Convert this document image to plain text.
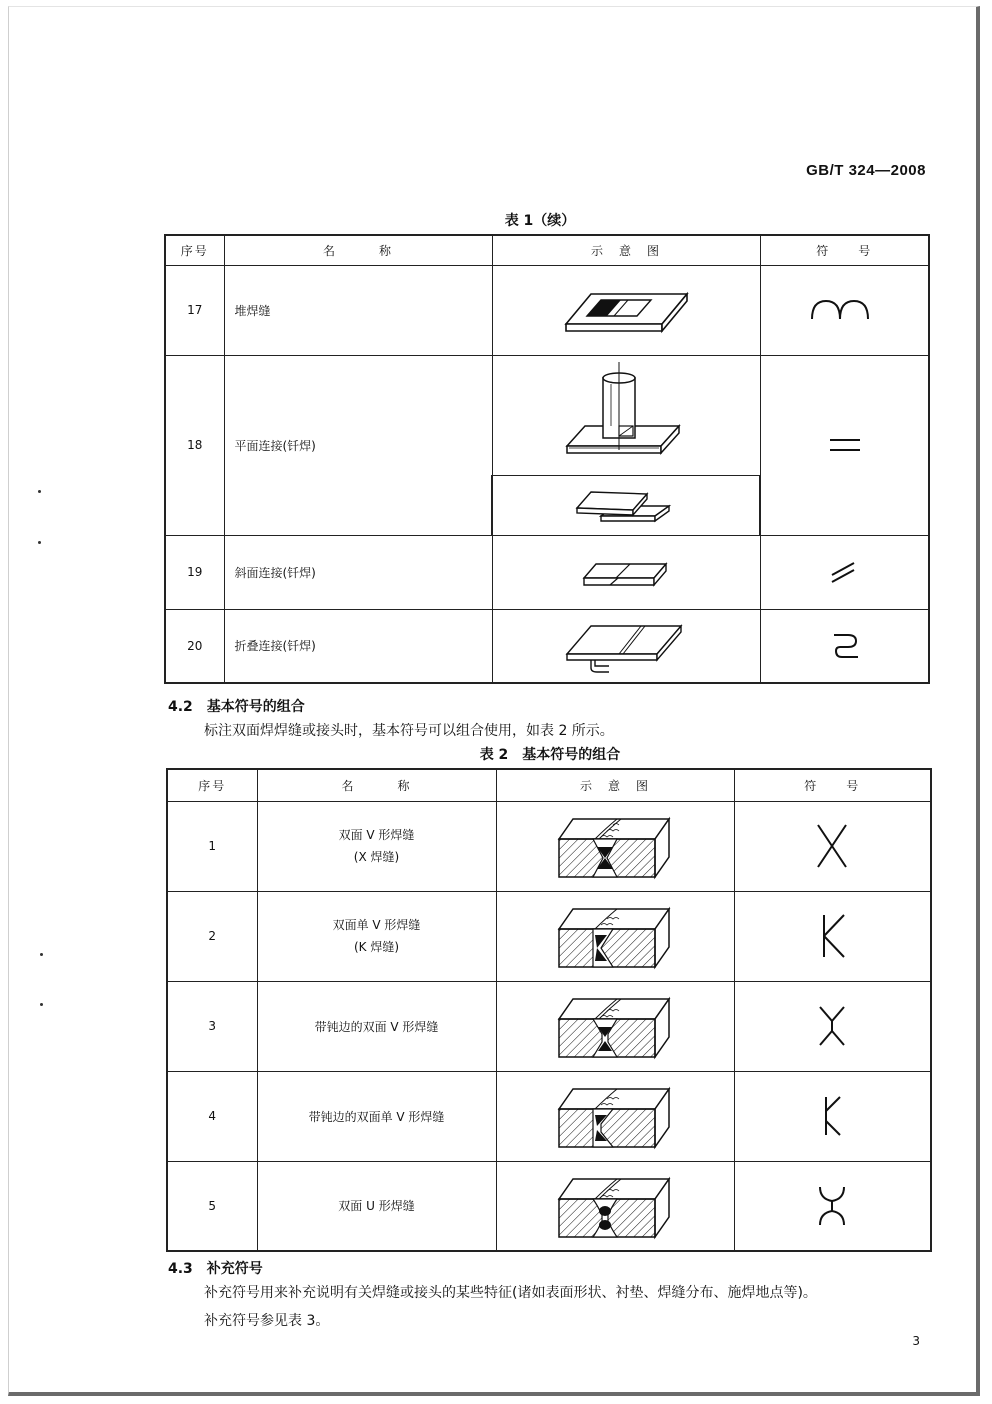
GB/T 324—2008
表 1（续）
序号	名　　　称	示　意　图	符　　号
17	堆焊缝	

18	平面连接(钎焊)	

19	斜面连接(钎焊)	

20	折叠连接(钎焊)	

4.2　基本符号的组合
标注双面焊焊缝或接头时，基本符号可以组合使用，如表 2 所示。
表 2　基本符号的组合
序号	名　　　称	示　意　图	符　　号
1	双面 V 形焊缝
(X 焊缝)

2	双面单 V 形焊缝
(K 焊缝)

3	带钝边的双面 V 形焊缝	

4	带钝边的双面单 V 形焊缝	

5	双面 U 形焊缝	

4.3　补充符号
补充符号用来补充说明有关焊缝或接头的某些特征(诸如表面形状、衬垫、焊缝分布、施焊地点等)。
补充符号参见表 3。
3
